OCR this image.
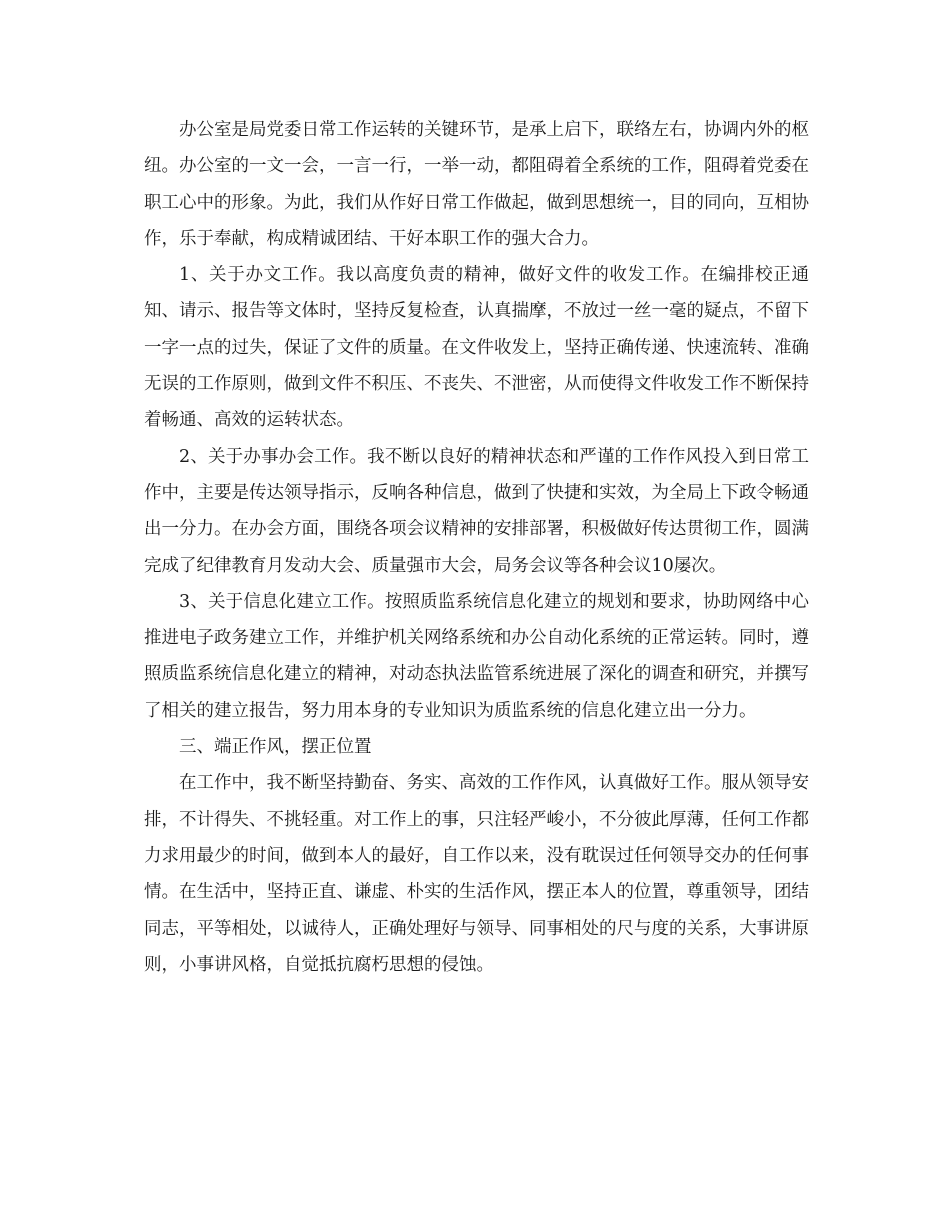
办公室是局党委日常工作运转的关键环节，是承上启下，联络左右，协调内外的枢纽。办公室的一文一会，一言一行，一举一动，都阻碍着全系统的工作，阻碍着党委在职工心中的形象。为此，我们从作好日常工作做起，做到思想统一，目的同向，互相协作，乐于奉献，构成精诚团结、干好本职工作的强大合力。

1、关于办文工作。我以高度负责的精神，做好文件的收发工作。在编排校正通知、请示、报告等文体时，坚持反复检查，认真揣摩，不放过一丝一毫的疑点，不留下一字一点的过失，保证了文件的质量。在文件收发上，坚持正确传递、快速流转、准确无误的工作原则，做到文件不积压、不丧失、不泄密，从而使得文件收发工作不断保持着畅通、高效的运转状态。

2、关于办事办会工作。我不断以良好的精神状态和严谨的工作作风投入到日常工作中，主要是传达领导指示，反响各种信息，做到了快捷和实效，为全局上下政令畅通出一分力。在办会方面，围绕各项会议精神的安排部署，积极做好传达贯彻工作，圆满完成了纪律教育月发动大会、质量强市大会，局务会议等各种会议10屡次。

3、关于信息化建立工作。按照质监系统信息化建立的规划和要求，协助网络中心推进电子政务建立工作，并维护机关网络系统和办公自动化系统的正常运转。同时，遵照质监系统信息化建立的精神，对动态执法监管系统进展了深化的调查和研究，并撰写了相关的建立报告，努力用本身的专业知识为质监系统的信息化建立出一分力。

三、端正作风，摆正位置

在工作中，我不断坚持勤奋、务实、高效的工作作风，认真做好工作。服从领导安排，不计得失、不挑轻重。对工作上的事，只注轻严峻小，不分彼此厚薄，任何工作都力求用最少的时间，做到本人的最好，自工作以来，没有耽误过任何领导交办的任何事情。在生活中，坚持正直、谦虚、朴实的生活作风，摆正本人的位置，尊重领导，团结同志，平等相处，以诚待人，正确处理好与领导、同事相处的尺与度的关系，大事讲原则，小事讲风格，自觉抵抗腐朽思想的侵蚀。
